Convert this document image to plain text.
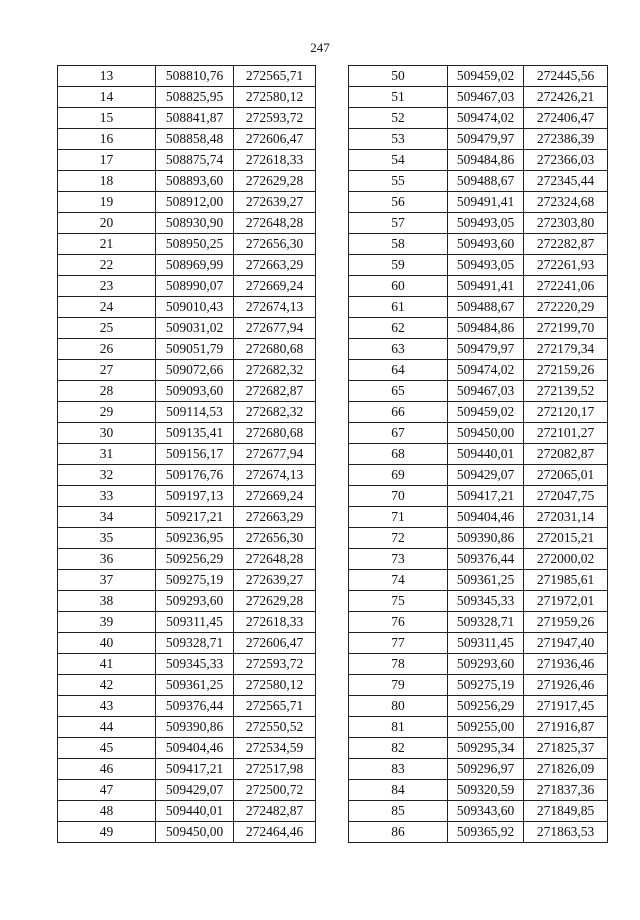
247
13	508810,76	272565,71
14	508825,95	272580,12
15	508841,87	272593,72
16	508858,48	272606,47
17	508875,74	272618,33
18	508893,60	272629,28
19	508912,00	272639,27
20	508930,90	272648,28
21	508950,25	272656,30
22	508969,99	272663,29
23	508990,07	272669,24
24	509010,43	272674,13
25	509031,02	272677,94
26	509051,79	272680,68
27	509072,66	272682,32
28	509093,60	272682,87
29	509114,53	272682,32
30	509135,41	272680,68
31	509156,17	272677,94
32	509176,76	272674,13
33	509197,13	272669,24
34	509217,21	272663,29
35	509236,95	272656,30
36	509256,29	272648,28
37	509275,19	272639,27
38	509293,60	272629,28
39	509311,45	272618,33
40	509328,71	272606,47
41	509345,33	272593,72
42	509361,25	272580,12
43	509376,44	272565,71
44	509390,86	272550,52
45	509404,46	272534,59
46	509417,21	272517,98
47	509429,07	272500,72
48	509440,01	272482,87
49	509450,00	272464,46
50	509459,02	272445,56
51	509467,03	272426,21
52	509474,02	272406,47
53	509479,97	272386,39
54	509484,86	272366,03
55	509488,67	272345,44
56	509491,41	272324,68
57	509493,05	272303,80
58	509493,60	272282,87
59	509493,05	272261,93
60	509491,41	272241,06
61	509488,67	272220,29
62	509484,86	272199,70
63	509479,97	272179,34
64	509474,02	272159,26
65	509467,03	272139,52
66	509459,02	272120,17
67	509450,00	272101,27
68	509440,01	272082,87
69	509429,07	272065,01
70	509417,21	272047,75
71	509404,46	272031,14
72	509390,86	272015,21
73	509376,44	272000,02
74	509361,25	271985,61
75	509345,33	271972,01
76	509328,71	271959,26
77	509311,45	271947,40
78	509293,60	271936,46
79	509275,19	271926,46
80	509256,29	271917,45
81	509255,00	271916,87
82	509295,34	271825,37
83	509296,97	271826,09
84	509320,59	271837,36
85	509343,60	271849,85
86	509365,92	271863,53
